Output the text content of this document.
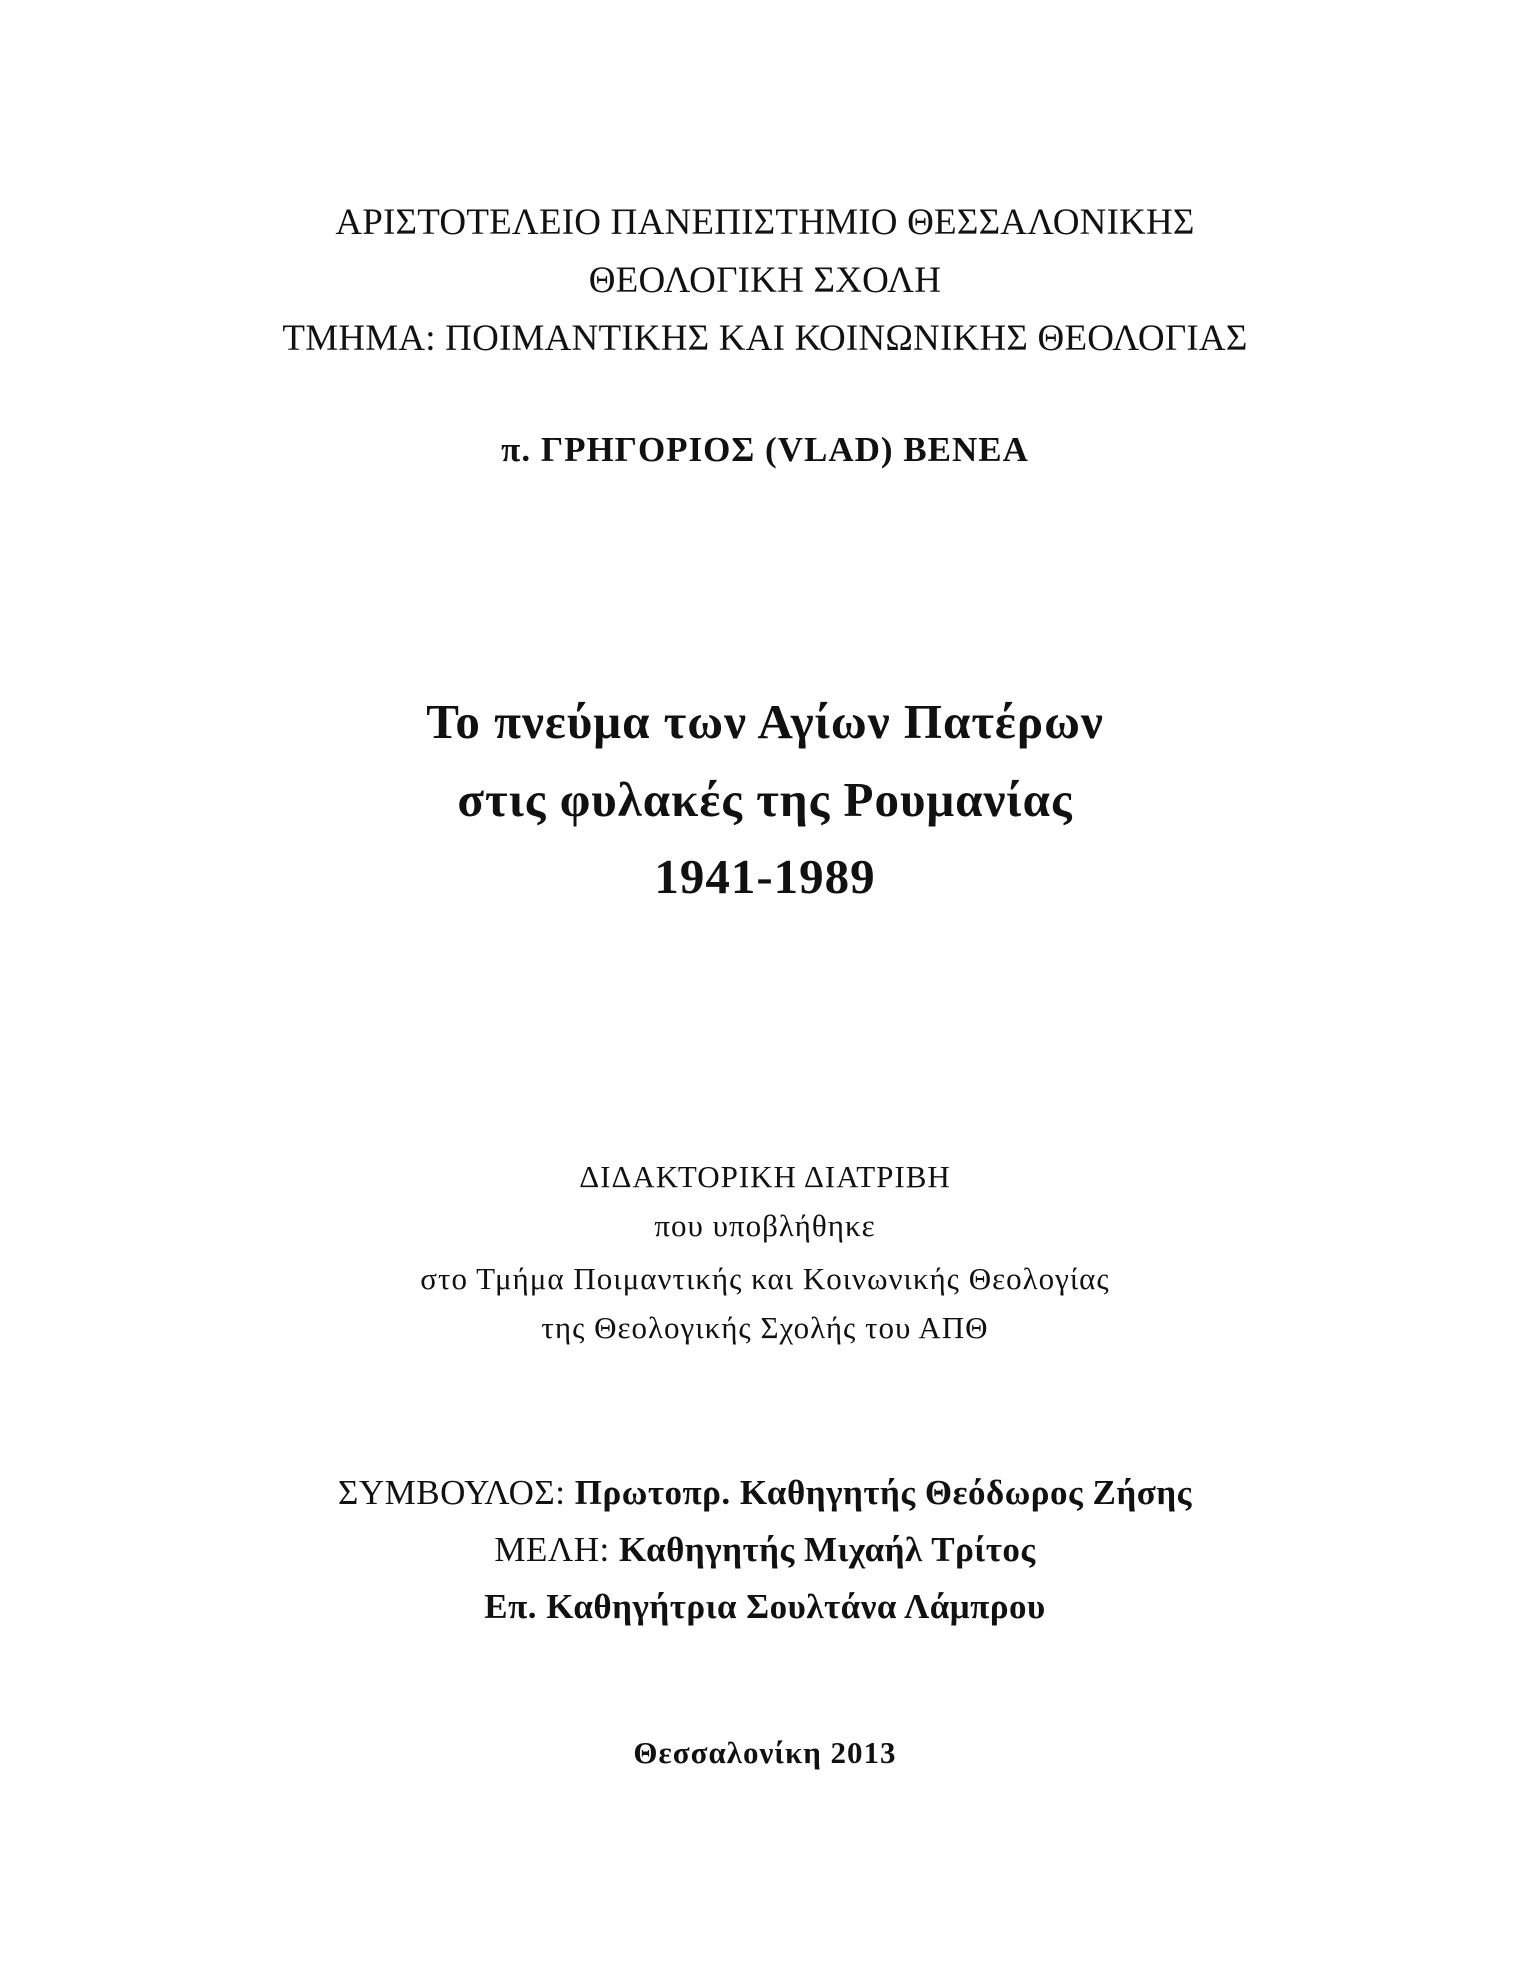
ΑΡΙΣΤΟΤΕΛΕΙΟ ΠΑΝΕΠΙΣΤΗΜΙΟ ΘΕΣΣΑΛΟΝΙΚΗΣ
ΘΕΟΛΟΓΙΚΗ ΣΧΟΛΗ
ΤΜΗΜΑ: ΠΟΙΜΑΝΤΙΚΗΣ ΚΑΙ ΚΟΙΝΩΝΙΚΗΣ ΘΕΟΛΟΓΙΑΣ
π. ΓΡΗΓΟΡΙΟΣ (VLAD) ΒΕΝΕΑ
Το πνεύμα των Αγίων Πατέρων
στις φυλακές της Ρουμανίας
1941-1989
ΔΙΔΑΚΤΟΡΙΚΗ ΔΙΑΤΡΙΒΗ
που υποβλήθηκε
στο Τμήμα Ποιμαντικής και Κοινωνικής Θεολογίας
της Θεολογικής Σχολής του ΑΠΘ
ΣΥΜΒΟΥΛΟΣ: Πρωτοπρ. Καθηγητής Θεόδωρος Ζήσης
ΜΕΛΗ: Καθηγητής Μιχαήλ Τρίτος
Επ. Καθηγήτρια Σουλτάνα Λάμπρου
Θεσσαλονίκη 2013
